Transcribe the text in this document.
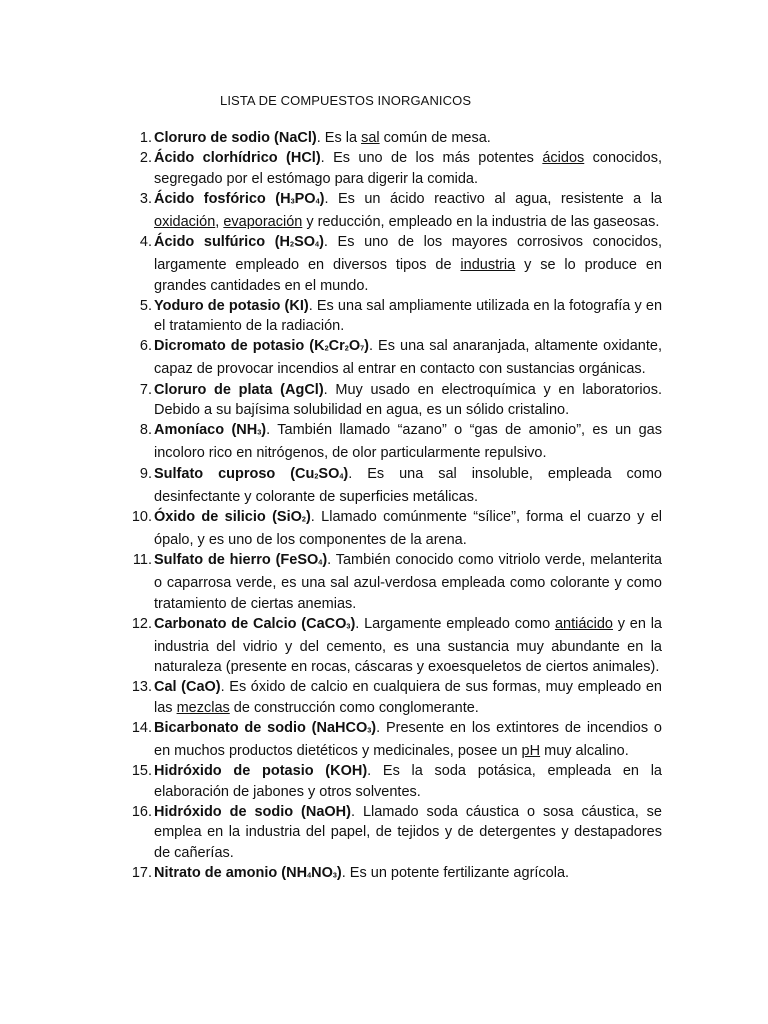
LISTA DE COMPUESTOS INORGANICOS
1. Cloruro de sodio (NaCl). Es la sal común de mesa.
2. Ácido clorhídrico (HCl). Es uno de los más potentes ácidos conocidos, segregado por el estómago para digerir la comida.
3. Ácido fosfórico $(H_3PO_4)$. Es un ácido reactivo al agua, resistente a la oxidación, evaporación y reducción, empleado en la industria de las gaseosas.
4. Ácido sulfúrico $(H_2SO_4)$. Es uno de los mayores corrosivos conocidos, largamente empleado en diversos tipos de industria y se lo produce en grandes cantidades en el mundo.
5. Yoduro de potasio (KI). Es una sal ampliamente utilizada en la fotografía y en el tratamiento de la radiación.
6. Dicromato de potasio $(K_2Cr_2O_7)$. Es una sal anaranjada, altamente oxidante, capaz de provocar incendios al entrar en contacto con sustancias orgánicas.
7. Cloruro de plata (AgCl). Muy usado en electroquímica y en laboratorios. Debido a su bajísima solubilidad en agua, es un sólido cristalino.
8. Amoníaco $(NH_3)$. También llamado “azano” o “gas de amonio”, es un gas incoloro rico en nitrógenos, de olor particularmente repulsivo.
9. Sulfato cuproso $(Cu_2SO_4)$. Es una sal insoluble, empleada como desinfectante y colorante de superficies metálicas.
10. Óxido de silicio (SiO$_2$). Llamado comúnmente “sílice”, forma el cuarzo y el ópalo, y es uno de los componentes de la arena.
11. Sulfato de hierro (FeSO$_4$). También conocido como vitriolo verde, melanterita o caparrosa verde, es una sal azul-verdosa empleada como colorante y como tratamiento de ciertas anemias.
12. Carbonato de Calcio (CaCO$_3$). Largamente empleado como antiácido y en la industria del vidrio y del cemento, es una sustancia muy abundante en la naturaleza (presente en rocas, cáscaras y exoesqueletos de ciertos animales).
13. Cal (CaO). Es óxido de calcio en cualquiera de sus formas, muy empleado en las mezclas de construcción como conglomerante.
14. Bicarbonato de sodio (NaHCO$_3$). Presente en los extintores de incendios o en muchos productos dietéticos y medicinales, posee un pH muy alcalino.
15. Hidróxido de potasio (KOH). Es la soda potásica, empleada en la elaboración de jabones y otros solventes.
16. Hidróxido de sodio (NaOH). Llamado soda cáustica o sosa cáustica, se emplea en la industria del papel, de tejidos y de detergentes y destapadores de cañerías.
17. Nitrato de amonio $(NH_4NO_3)$. Es un potente fertilizante agrícola.
